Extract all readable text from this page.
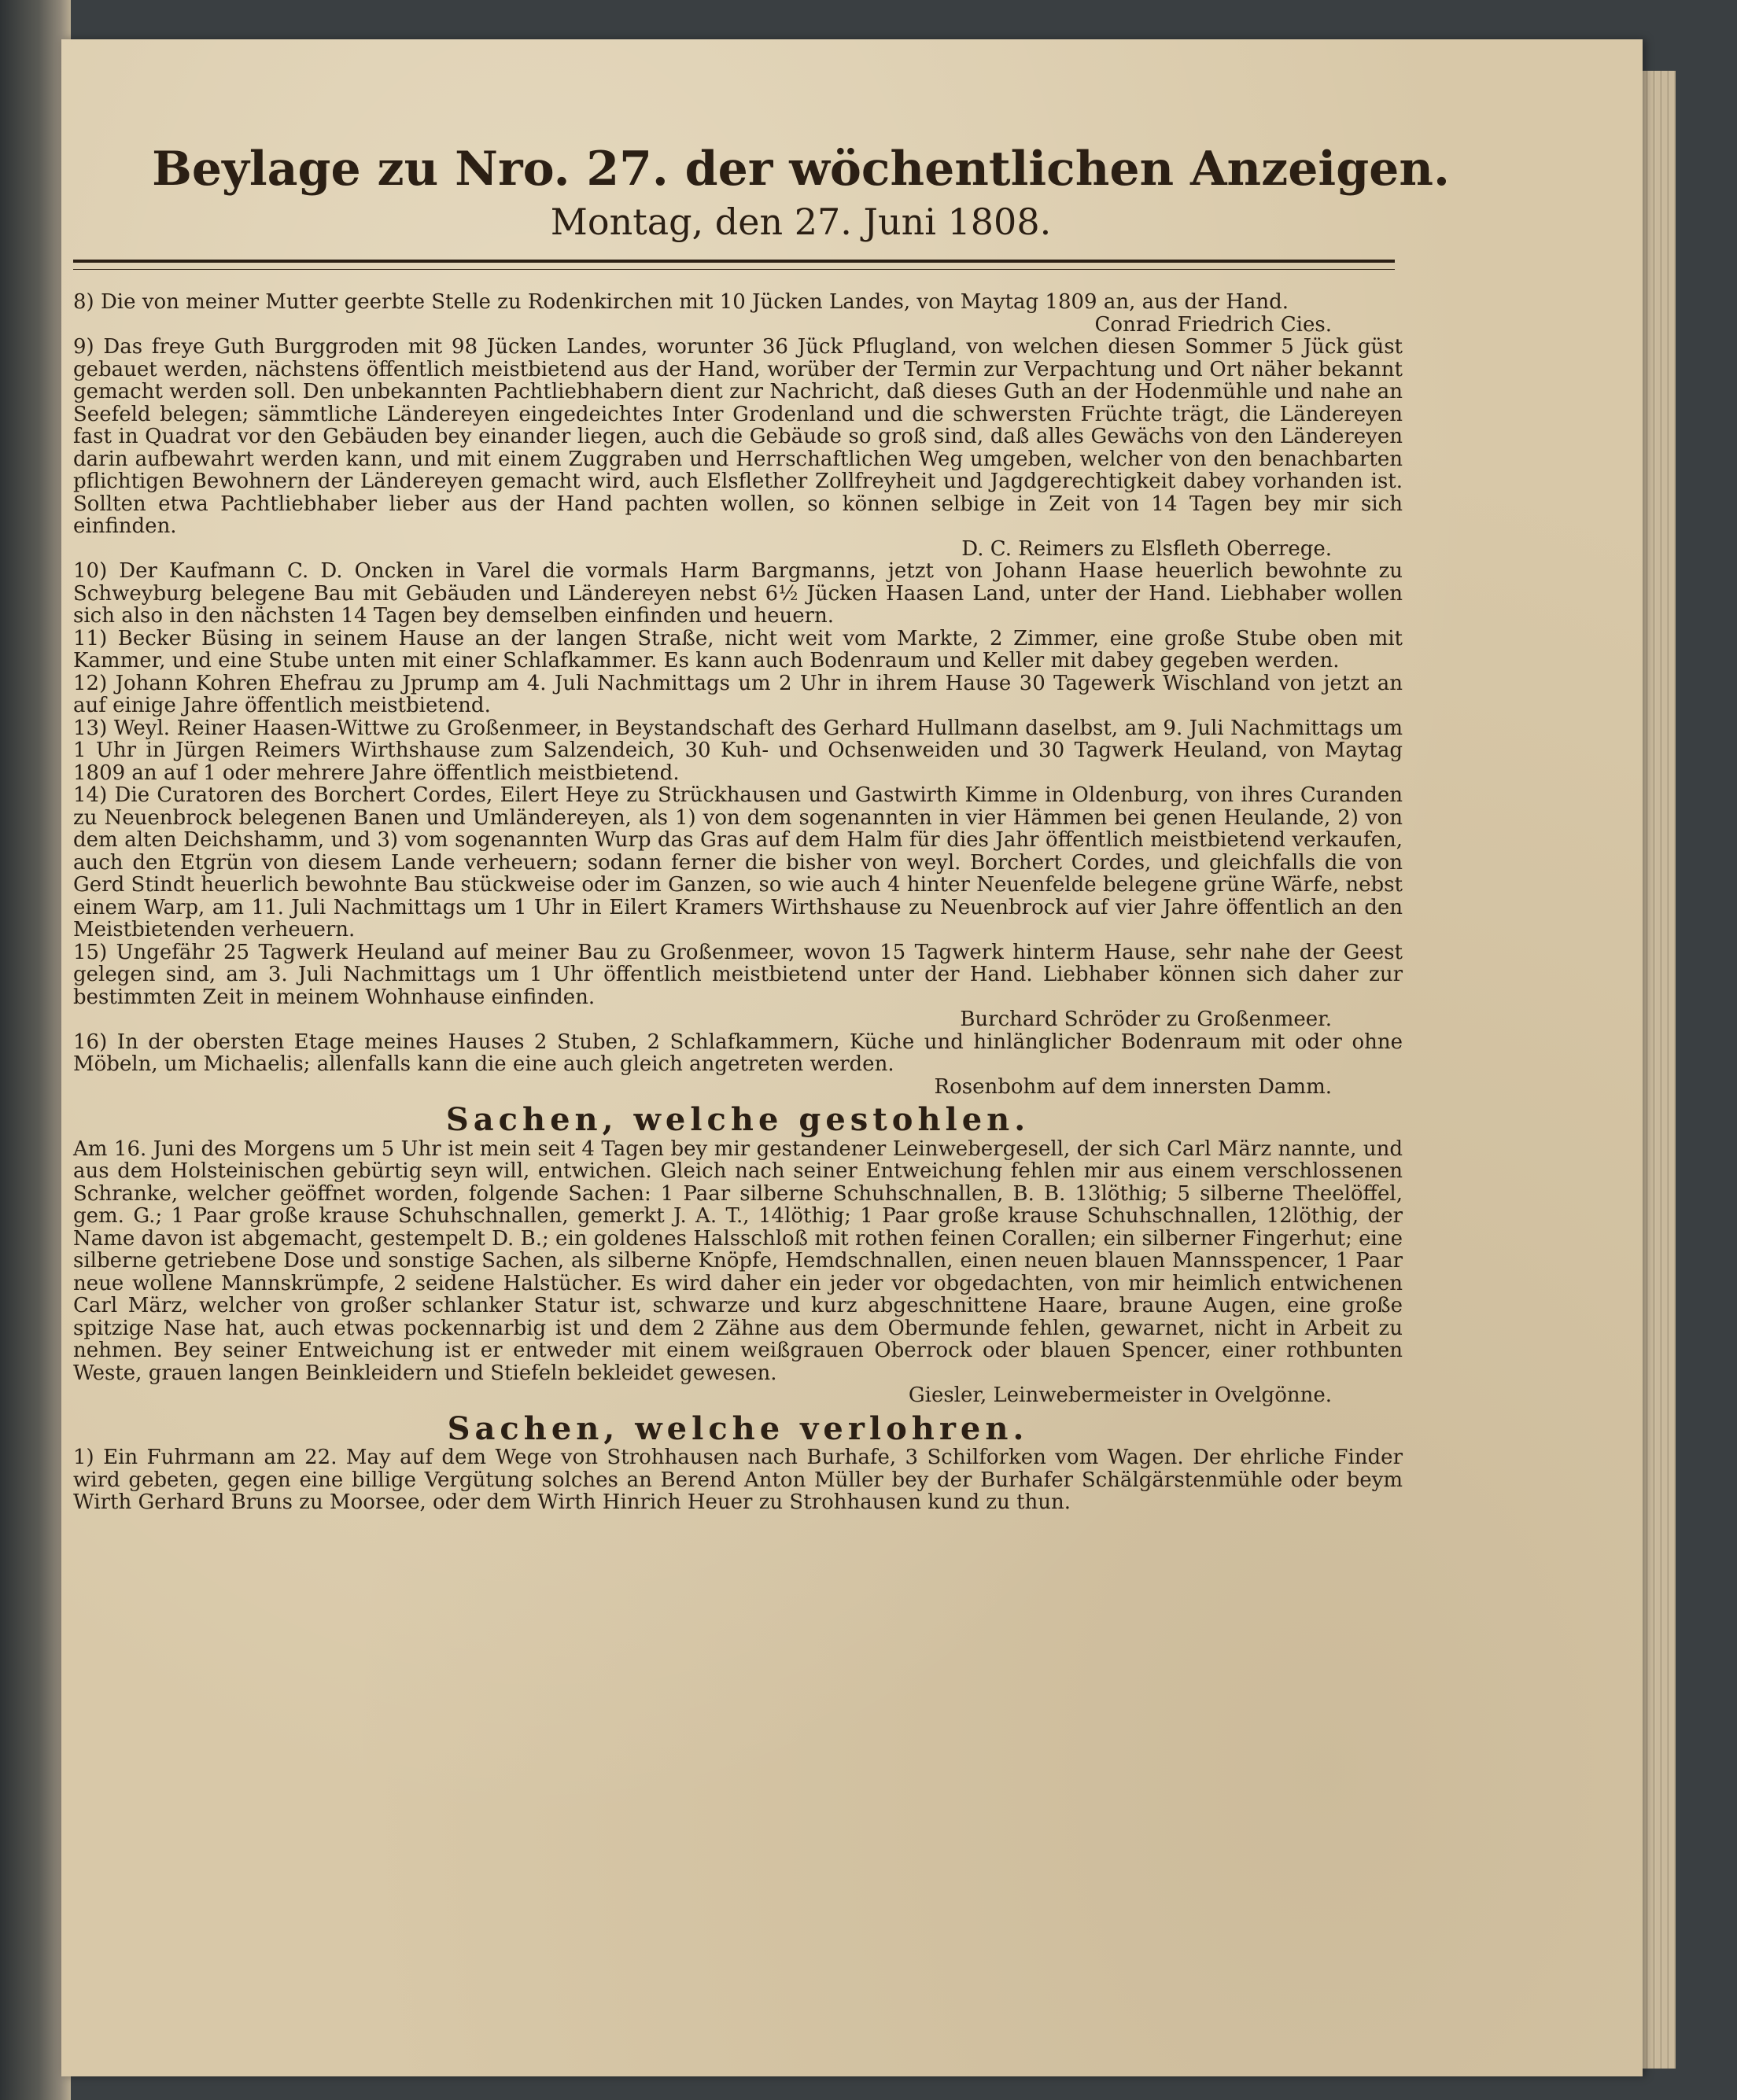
Beylage zu Nro. 27. der wöchentlichen Anzeigen.
Montag, den 27. Juni 1808.

8) Die von meiner Mutter geerbte Stelle zu Rodenkirchen mit 10 Jücken Landes, von Maytag 1809 an, aus der Hand.

Conrad Friedrich Cies.

9) Das freye Guth Burggroden mit 98 Jücken Landes, worunter 36 Jück Pflugland, von welchen diesen Sommer 5 Jück güst gebauet werden, nächstens öffentlich meistbietend aus der Hand, worüber der Termin zur Verpachtung und Ort näher bekannt gemacht werden soll. Den unbekannten Pachtliebhabern dient zur Nachricht, daß dieses Guth an der Hodenmühle und nahe an Seefeld belegen; sämmtliche Ländereyen eingedeichtes Inter Grodenland und die schwersten Früchte trägt, die Ländereyen fast in Quadrat vor den Gebäuden bey einander liegen, auch die Gebäude so groß sind, daß alles Gewächs von den Ländereyen darin aufbewahrt werden kann, und mit einem Zuggraben und Herrschaftlichen Weg umgeben, welcher von den benachbarten pflichtigen Bewohnern der Ländereyen gemacht wird, auch Elsflether Zollfreyheit und Jagdgerechtigkeit dabey vorhanden ist. Sollten etwa Pachtliebhaber lieber aus der Hand pachten wollen, so können selbige in Zeit von 14 Tagen bey mir sich einfinden.

D. C. Reimers zu Elsfleth Oberrege.

10) Der Kaufmann C. D. Oncken in Varel die vormals Harm Bargmanns, jetzt von Johann Haase heuerlich bewohnte zu Schweyburg belegene Bau mit Gebäuden und Ländereyen nebst 6½ Jücken Haasen Land, unter der Hand. Liebhaber wollen sich also in den nächsten 14 Tagen bey demselben einfinden und heuern.

11) Becker Büsing in seinem Hause an der langen Straße, nicht weit vom Markte, 2 Zimmer, eine große Stube oben mit Kammer, und eine Stube unten mit einer Schlafkammer. Es kann auch Bodenraum und Keller mit dabey gegeben werden.

12) Johann Kohren Ehefrau zu Jprump am 4. Juli Nachmittags um 2 Uhr in ihrem Hause 30 Tagewerk Wischland von jetzt an auf einige Jahre öffentlich meistbietend.

13) Weyl. Reiner Haasen-Wittwe zu Großenmeer, in Beystandschaft des Gerhard Hullmann daselbst, am 9. Juli Nachmittags um 1 Uhr in Jürgen Reimers Wirthshause zum Salzendeich, 30 Kuh- und Ochsenweiden und 30 Tagwerk Heuland, von Maytag 1809 an auf 1 oder mehrere Jahre öffentlich meistbietend.

14) Die Curatoren des Borchert Cordes, Eilert Heye zu Strückhausen und Gastwirth Kimme in Oldenburg, von ihres Curanden zu Neuenbrock belegenen Banen und Umländereyen, als 1) von dem sogenannten in vier Hämmen bei genen Heulande, 2) von dem alten Deichshamm, und 3) vom sogenannten Wurp das Gras auf dem Halm für dies Jahr öffentlich meistbietend verkaufen, auch den Etgrün von diesem Lande verheuern; sodann ferner die bisher von weyl. Borchert Cordes, und gleichfalls die von Gerd Stindt heuerlich bewohnte Bau stückweise oder im Ganzen, so wie auch 4 hinter Neuenfelde belegene grüne Wärfe, nebst einem Warp, am 11. Juli Nachmittags um 1 Uhr in Eilert Kramers Wirthshause zu Neuenbrock auf vier Jahre öffentlich an den Meistbietenden verheuern.

15) Ungefähr 25 Tagwerk Heuland auf meiner Bau zu Großenmeer, wovon 15 Tagwerk hinterm Hause, sehr nahe der Geest gelegen sind, am 3. Juli Nachmittags um 1 Uhr öffentlich meistbietend unter der Hand. Liebhaber können sich daher zur bestimmten Zeit in meinem Wohnhause einfinden.

Burchard Schröder zu Großenmeer.

16) In der obersten Etage meines Hauses 2 Stuben, 2 Schlafkammern, Küche und hinlänglicher Bodenraum mit oder ohne Möbeln, um Michaelis; allenfalls kann die eine auch gleich angetreten werden.

Rosenbohm auf dem innersten Damm.

Sachen, welche gestohlen.

Am 16. Juni des Morgens um 5 Uhr ist mein seit 4 Tagen bey mir gestandener Leinwebergesell, der sich Carl März nannte, und aus dem Holsteinischen gebürtig seyn will, entwichen. Gleich nach seiner Entweichung fehlen mir aus einem verschlossenen Schranke, welcher geöffnet worden, folgende Sachen: 1 Paar silberne Schuhschnallen, B. B. 13löthig; 5 silberne Theelöffel, gem. G.; 1 Paar große krause Schuhschnallen, gemerkt J. A. T., 14löthig; 1 Paar große krause Schuhschnallen, 12löthig, der Name davon ist abgemacht, gestempelt D. B.; ein goldenes Halsschloß mit rothen feinen Corallen; ein silberner Fingerhut; eine silberne getriebene Dose und sonstige Sachen, als silberne Knöpfe, Hemdschnallen, einen neuen blauen Mannsspencer, 1 Paar neue wollene Mannskrümpfe, 2 seidene Halstücher. Es wird daher ein jeder vor obgedachten, von mir heimlich entwichenen Carl März, welcher von großer schlanker Statur ist, schwarze und kurz abgeschnittene Haare, braune Augen, eine große spitzige Nase hat, auch etwas pockennarbig ist und dem 2 Zähne aus dem Obermunde fehlen, gewarnet, nicht in Arbeit zu nehmen. Bey seiner Entweichung ist er entweder mit einem weißgrauen Oberrock oder blauen Spencer, einer rothbunten Weste, grauen langen Beinkleidern und Stiefeln bekleidet gewesen.

Giesler, Leinwebermeister in Ovelgönne.

Sachen, welche verlohren.

1) Ein Fuhrmann am 22. May auf dem Wege von Strohhausen nach Burhafe, 3 Schilforken vom Wagen. Der ehrliche Finder wird gebeten, gegen eine billige Vergütung solches an Berend Anton Müller bey der Burhafer Schälgärstenmühle oder beym Wirth Gerhard Bruns zu Moorsee, oder dem Wirth Hinrich Heuer zu Strohhausen kund zu thun.
